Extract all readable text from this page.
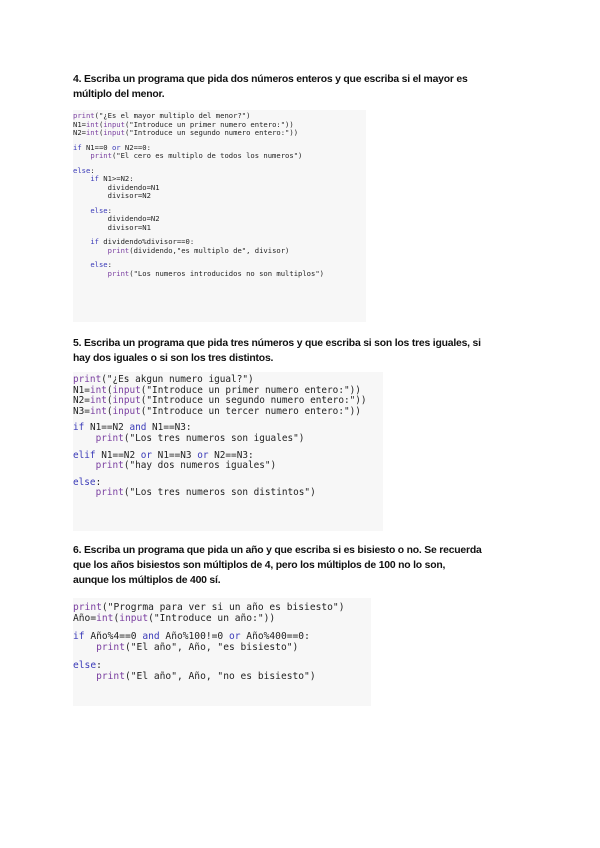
4. Escriba un programa que pida dos números enteros y que escriba si el mayor es
múltiplo del menor.
print("¿Es el mayor multiplo del menor?")
N1=int(input("Introduce un primer numero entero:"))
N2=int(input("Introduce un segundo numero entero:"))
if N1==0 or N2==0:
print("El cero es multiplo de todos los numeros")
else:
if N1>=N2:
dividendo=N1
divisor=N2
else:
dividendo=N2
divisor=N1
if dividendo%divisor==0:
print(dividendo,"es multiplo de", divisor)
else:
print("Los numeros introducidos no son multiplos")
5. Escriba un programa que pida tres números y que escriba si son los tres iguales, si
hay dos iguales o si son los tres distintos.
print("¿Es akgun numero igual?")
N1=int(input("Introduce un primer numero entero:"))
N2=int(input("Introduce un segundo numero entero:"))
N3=int(input("Introduce un tercer numero entero:"))
if N1==N2 and N1==N3:
print("Los tres numeros son iguales")
elif N1==N2 or N1==N3 or N2==N3:
print("hay dos numeros iguales")
else:
print("Los tres numeros son distintos")
6. Escriba un programa que pida un año y que escriba si es bisiesto o no. Se recuerda
que los años bisiestos son múltiplos de 4, pero los múltiplos de 100 no lo son,
aunque los múltiplos de 400 sí.
print("Progrma para ver si un año es bisiesto")
Año=int(input("Introduce un año:"))
if Año%4==0 and Año%100!=0 or Año%400==0:
print("El año", Año, "es bisiesto")
else:
print("El año", Año, "no es bisiesto")
